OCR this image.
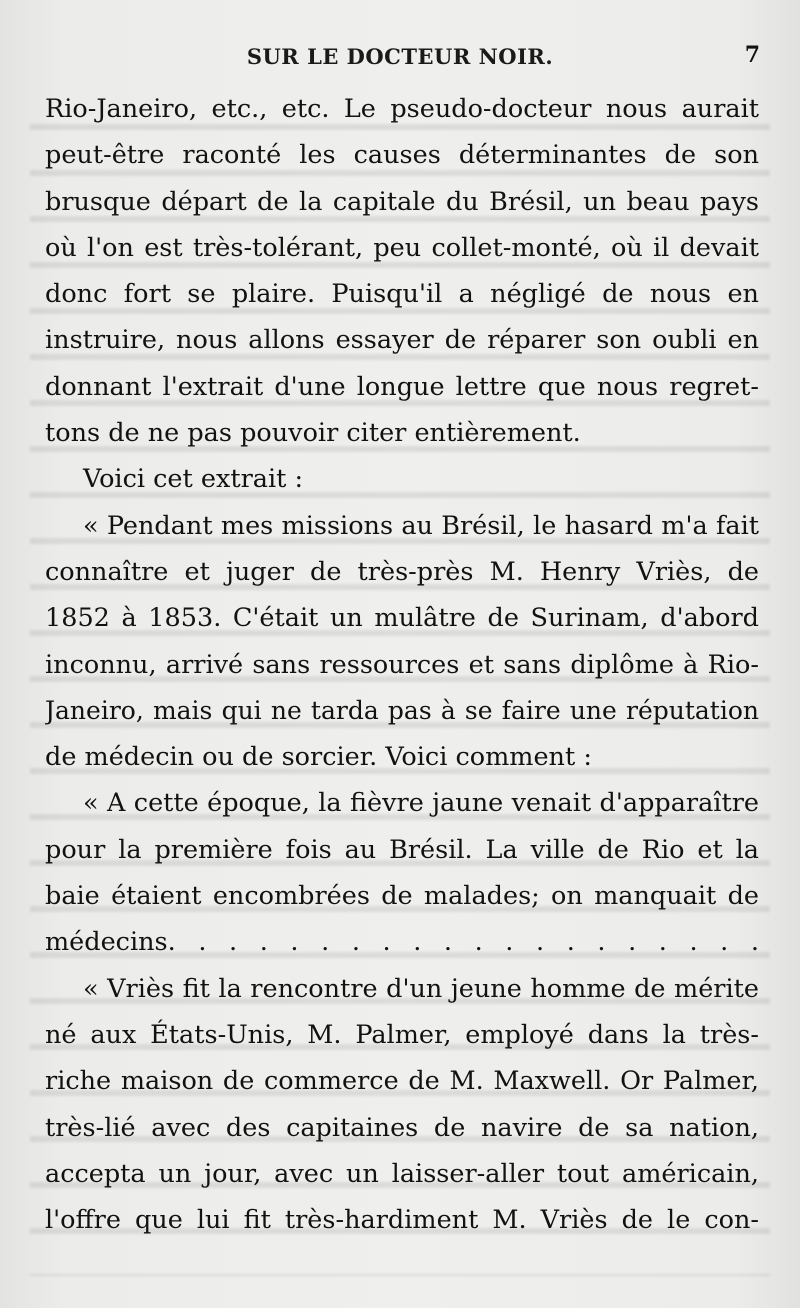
SUR LE DOCTEUR NOIR.	7
Rio-Janeiro, etc., etc. Le pseudo-docteur nous aurait
peut-être raconté les causes déterminantes de son
brusque départ de la capitale du Brésil, un beau pays
où l'on est très-tolérant, peu collet-monté, où il devait
donc fort se plaire. Puisqu'il a négligé de nous en
instruire, nous allons essayer de réparer son oubli en
donnant l'extrait d'une longue lettre que nous regret-
tons de ne pas pouvoir citer entièrement.
Voici cet extrait :
« Pendant mes missions au Brésil, le hasard m'a fait
connaître et juger de très-près M. Henry Vriès, de
1852 à 1853. C'était un mulâtre de Surinam, d'abord
inconnu, arrivé sans ressources et sans diplôme à Rio-
Janeiro, mais qui ne tarda pas à se faire une réputation
de médecin ou de sorcier. Voici comment :
« A cette époque, la fièvre jaune venait d'apparaître
pour la première fois au Brésil. La ville de Rio et la
baie étaient encombrées de malades; on manquait de
médecins. . . . . . . . . . . . . . . . . . . .
« Vriès fit la rencontre d'un jeune homme de mérite
né aux États-Unis, M. Palmer, employé dans la très-
riche maison de commerce de M. Maxwell. Or Palmer,
très-lié avec des capitaines de navire de sa nation,
accepta un jour, avec un laisser-aller tout américain,
l'offre que lui fit très-hardiment M. Vriès de le con-
